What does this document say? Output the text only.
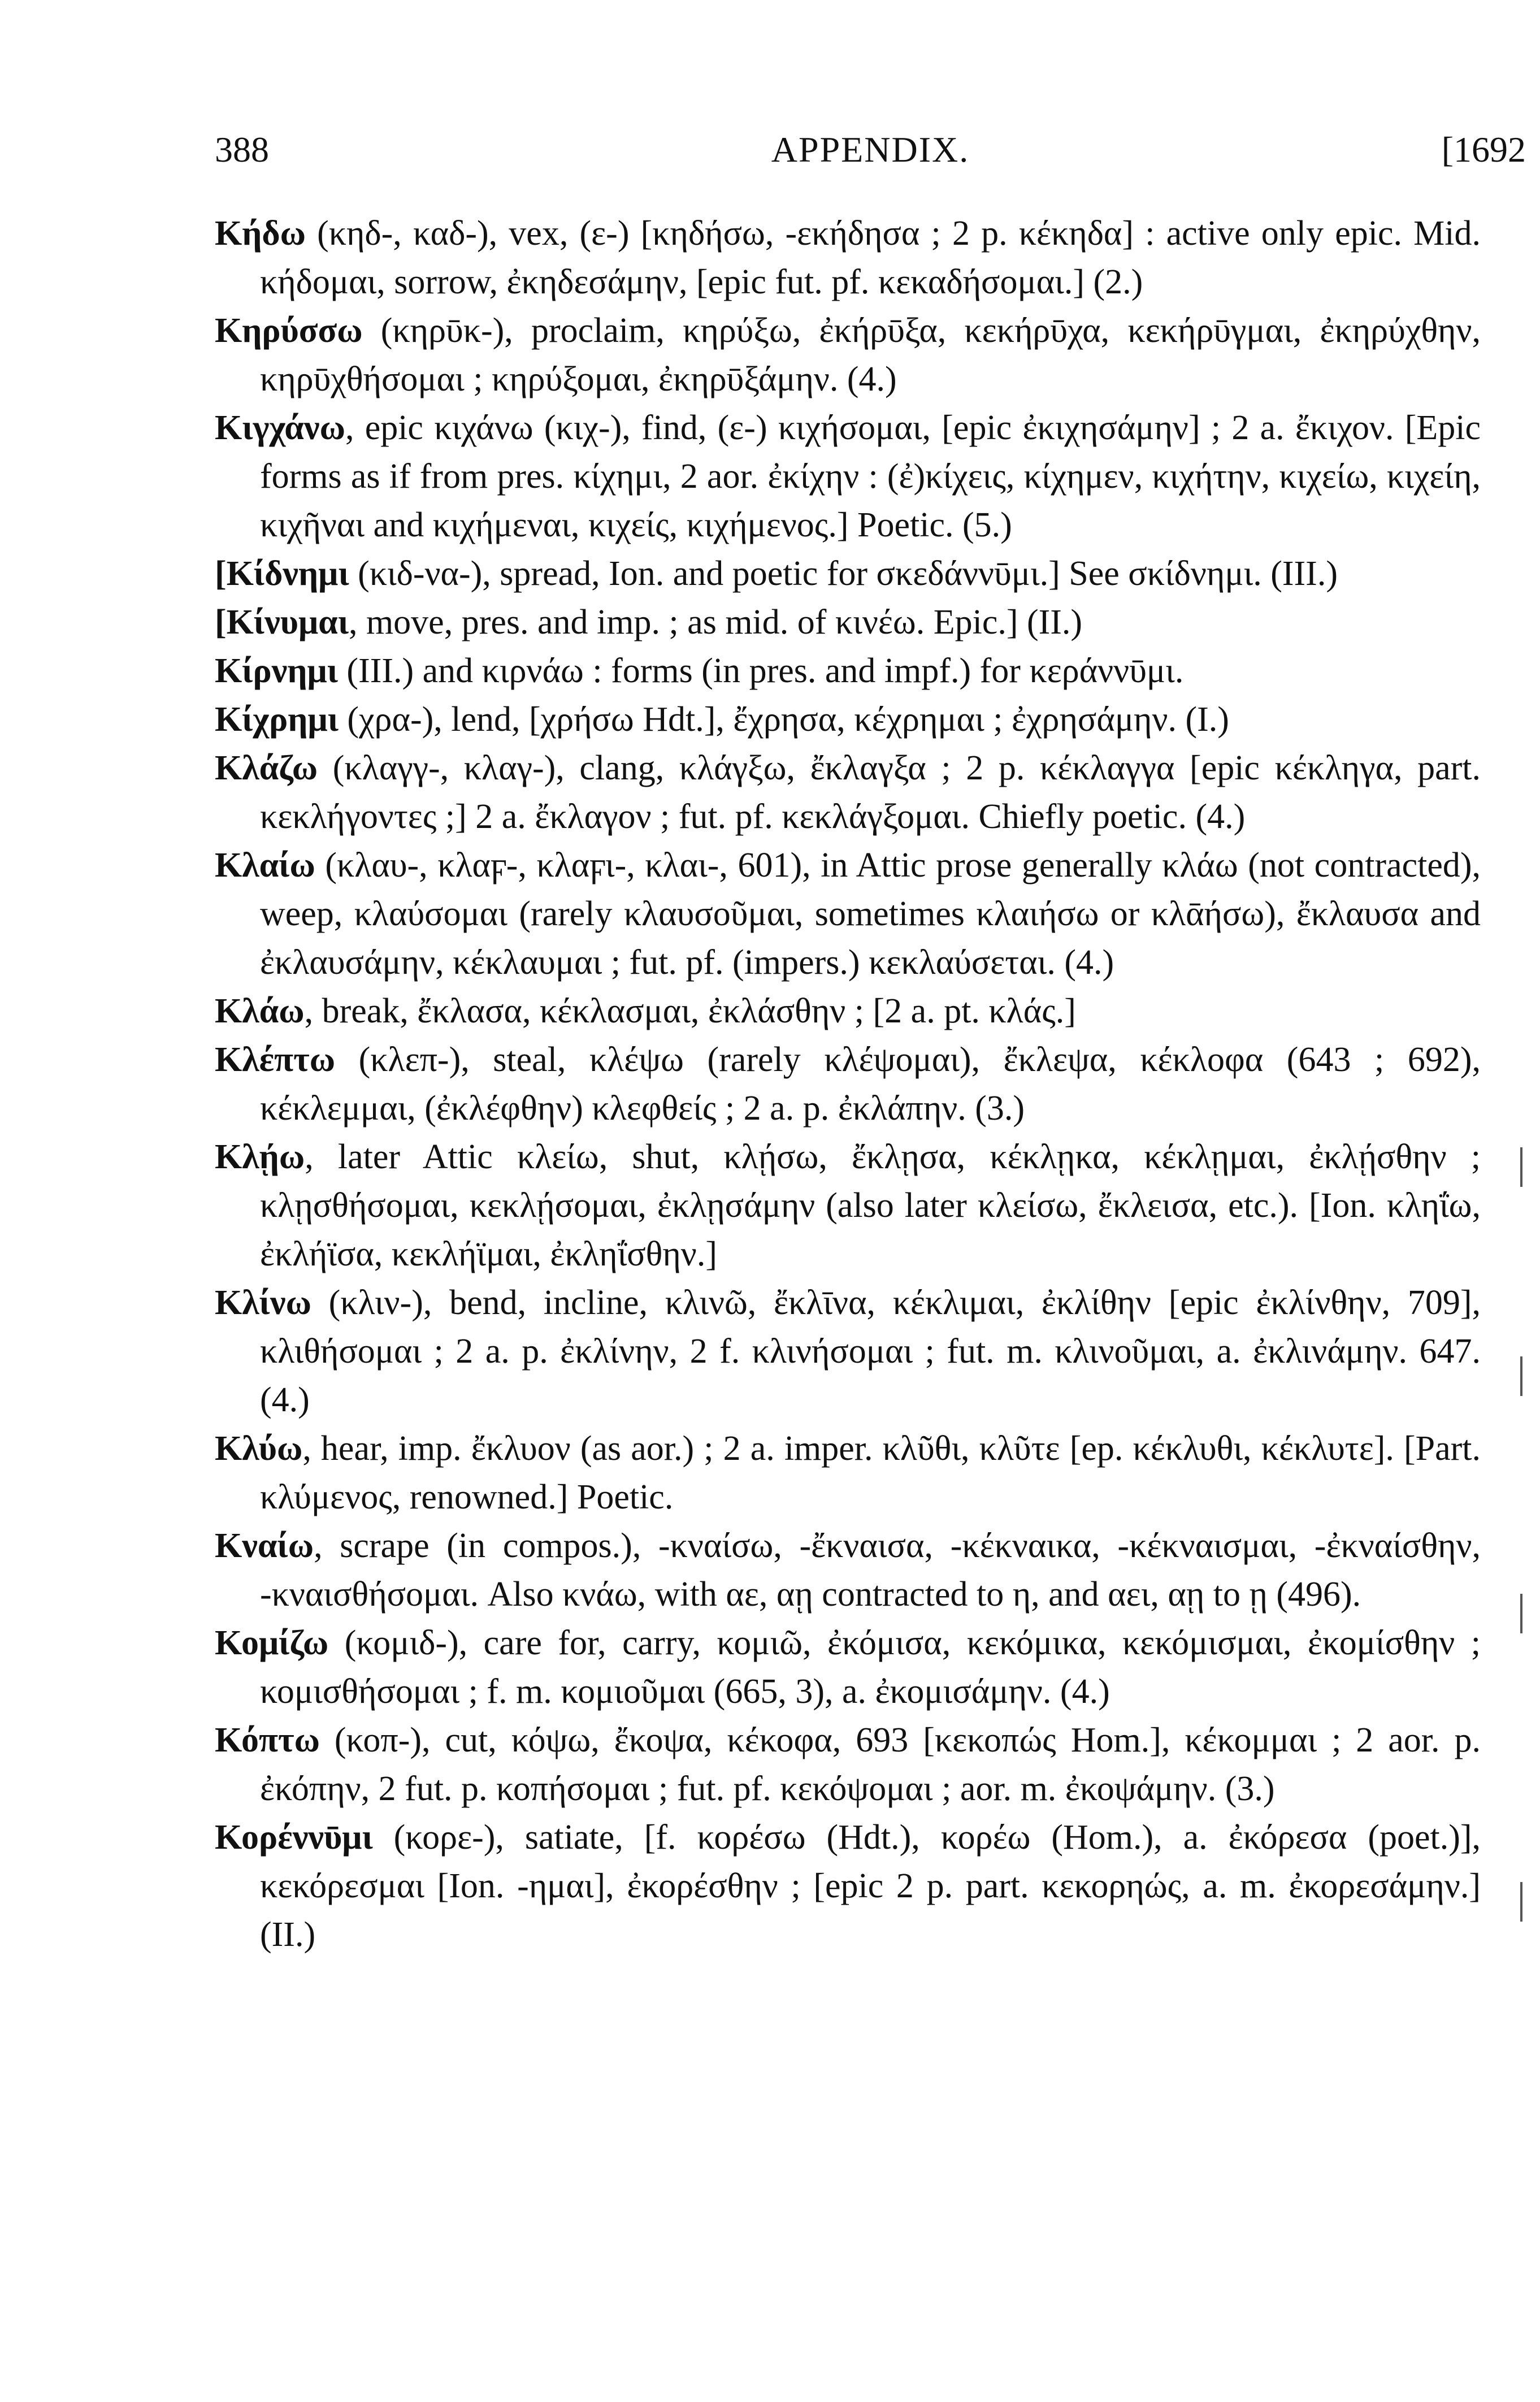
388	APPENDIX.	[1692

Κήδω (κηδ-, καδ-), vex, (ε-) [κηδήσω, -εκήδησα ; 2 p. κέκηδα] : active only epic. Mid. κήδομαι, sorrow, ἐκηδεσάμην, [epic fut. pf. κεκαδήσομαι.] (2.)

Κηρύσσω (κηρῡκ-), proclaim, κηρύξω, ἐκήρῡξα, κεκήρῡχα, κεκήρῡγμαι, ἐκηρύχθην, κηρῡχθήσομαι ; κηρύξομαι, ἐκηρῡξάμην. (4.)

Κιγχάνω, epic κιχάνω (κιχ-), find, (ε-) κιχήσομαι, [epic ἐκιχησάμην] ; 2 a. ἔκιχον. [Epic forms as if from pres. κίχημι, 2 aor. ἐκίχην : (ἐ)κίχεις, κίχημεν, κιχήτην, κιχείω, κιχείη, κιχῆναι and κιχήμεναι, κιχείς, κιχήμενος.] Poetic. (5.)

[Κίδνημι (κιδ-να-), spread, Ion. and poetic for σκεδάννῡμι.] See σκίδνημι. (III.)

[Κίνυμαι, move, pres. and imp. ; as mid. of κινέω. Epic.] (II.)

Κίρνημι (III.) and κιρνάω : forms (in pres. and impf.) for κεράννῡμι.

Κίχρημι (χρα-), lend, [χρήσω Hdt.], ἔχρησα, κέχρημαι ; ἐχρησάμην. (I.)

Κλάζω (κλαγγ-, κλαγ-), clang, κλάγξω, ἔκλαγξα ; 2 p. κέκλαγγα [epic κέκληγα, part. κεκλήγοντες ;] 2 a. ἔκλαγον ; fut. pf. κεκλάγξομαι. Chiefly poetic. (4.)

Κλαίω (κλαυ-, κλαϝ-, κλαϝι-, κλαι-, 601), in Attic prose generally κλάω (not contracted), weep, κλαύσομαι (rarely κλαυσοῦμαι, sometimes κλαιήσω or κλᾱήσω), ἔκλαυσα and ἐκλαυσάμην, κέκλαυμαι ; fut. pf. (impers.) κεκλαύσεται. (4.)

Κλάω, break, ἔκλασα, κέκλασμαι, ἐκλάσθην ; [2 a. pt. κλάς.]

Κλέπτω (κλεπ-), steal, κλέψω (rarely κλέψομαι), ἔκλεψα, κέκλοφα (643 ; 692), κέκλεμμαι, (ἐκλέφθην) κλεφθείς ; 2 a. p. ἐκλάπην. (3.)

Κλῄω, later Attic κλείω, shut, κλῄσω, ἔκλῃσα, κέκλῃκα, κέκλῃμαι, ἐκλῄσθην ; κλῃσθήσομαι, κεκλῄσομαι, ἐκλῃσάμην (also later κλείσω, ἔκλεισα, etc.). [Ion. κληΐω, ἐκλήϊσα, κεκλήϊμαι, ἐκληΐσθην.]

Κλίνω (κλιν-), bend, incline, κλινῶ, ἔκλῑνα, κέκλιμαι, ἐκλίθην [epic ἐκλίνθην, 709], κλιθήσομαι ; 2 a. p. ἐκλίνην, 2 f. κλινήσομαι ; fut. m. κλινοῦμαι, a. ἐκλινάμην. 647. (4.)

Κλύω, hear, imp. ἔκλυον (as aor.) ; 2 a. imper. κλῦθι, κλῦτε [ep. κέκλυθι, κέκλυτε]. [Part. κλύμενος, renowned.] Poetic.

Κναίω, scrape (in compos.), -κναίσω, -ἔκναισα, -κέκναικα, -κέκναισμαι, -ἐκναίσθην, -κναισθήσομαι. Also κνάω, with αε, αῃ contracted to η, and αει, αῃ to ῃ (496).

Κομίζω (κομιδ-), care for, carry, κομιῶ, ἐκόμισα, κεκόμικα, κεκόμισμαι, ἐκομίσθην ; κομισθήσομαι ; f. m. κομιοῦμαι (665, 3), a. ἐκομισάμην. (4.)

Κόπτω (κοπ-), cut, κόψω, ἔκοψα, κέκοφα, 693 [κεκοπώς Hom.], κέκομμαι ; 2 aor. p. ἐκόπην, 2 fut. p. κοπήσομαι ; fut. pf. κεκόψομαι ; aor. m. ἐκοψάμην. (3.)

Κορέννῡμι (κορε-), satiate, [f. κορέσω (Hdt.), κορέω (Hom.), a. ἐκόρεσα (poet.)], κεκόρεσμαι [Ion. -ημαι], ἐκορέσθην ; [epic 2 p. part. κεκορηώς, a. m. ἐκορεσάμην.] (II.)
